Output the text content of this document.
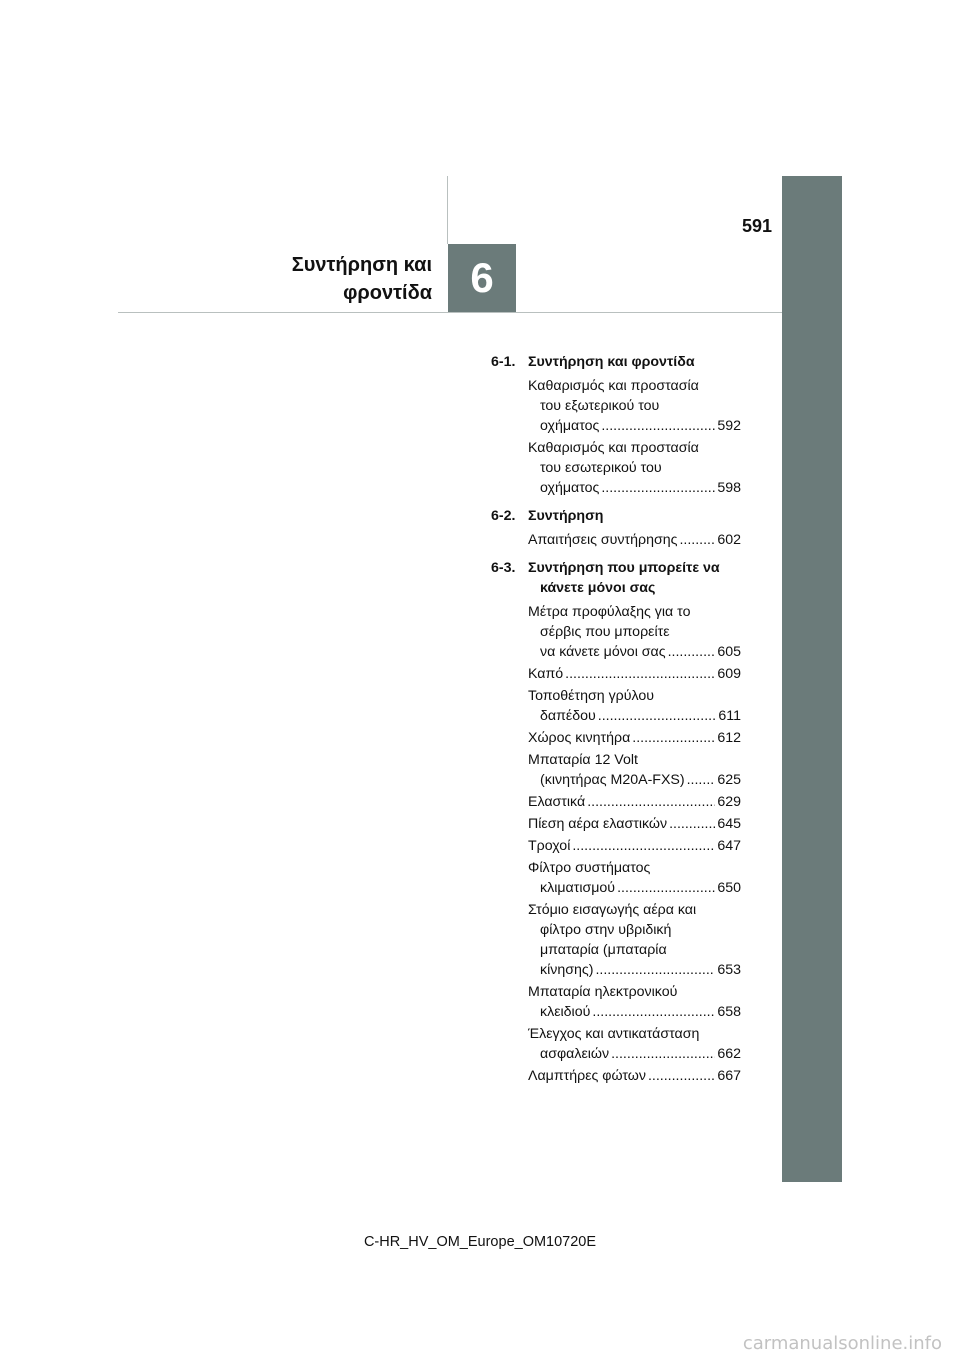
591
Συντήρηση και
φροντίδα 6
6-1. Συντήρηση και φροντίδα
Καθαρισμός και προστασία
του εξωτερικού του
οχήματος .....	592
Καθαρισμός και προστασία
του εσωτερικού του
οχήματος .....	598
6-2. Συντήρηση
Απαιτήσεις συντήρησης .....	602
6-3. Συντήρηση που μπορείτε να
κάνετε μόνοι σας
Μέτρα προφύλαξης για το
σέρβις που μπορείτε
να κάνετε μόνοι σας .....	605
Καπό .....	609
Τοποθέτηση γρύλου
δαπέδου .....	611
Χώρος κινητήρα .....	612
Μπαταρία 12 Volt
(κινητήρας M20A-FXS) ..... 625
Ελαστικά .....	629
Πίεση αέρα ελαστικών .....	645
Τροχοί .....	647
Φίλτρο συστήματος
κλιματισμού .....	650
Στόμιο εισαγωγής αέρα και
φίλτρο στην υβριδική
μπαταρία (μπαταρία
κίνησης) .....	653
Μπαταρία ηλεκτρονικού
κλειδιού .....	658
Έλεγχος και αντικατάσταση
ασφαλειών .....	662
Λαμπτήρες φώτων .....	667
C-HR_HV_OM_Europe_OM10720E
carmanualsonline.info
